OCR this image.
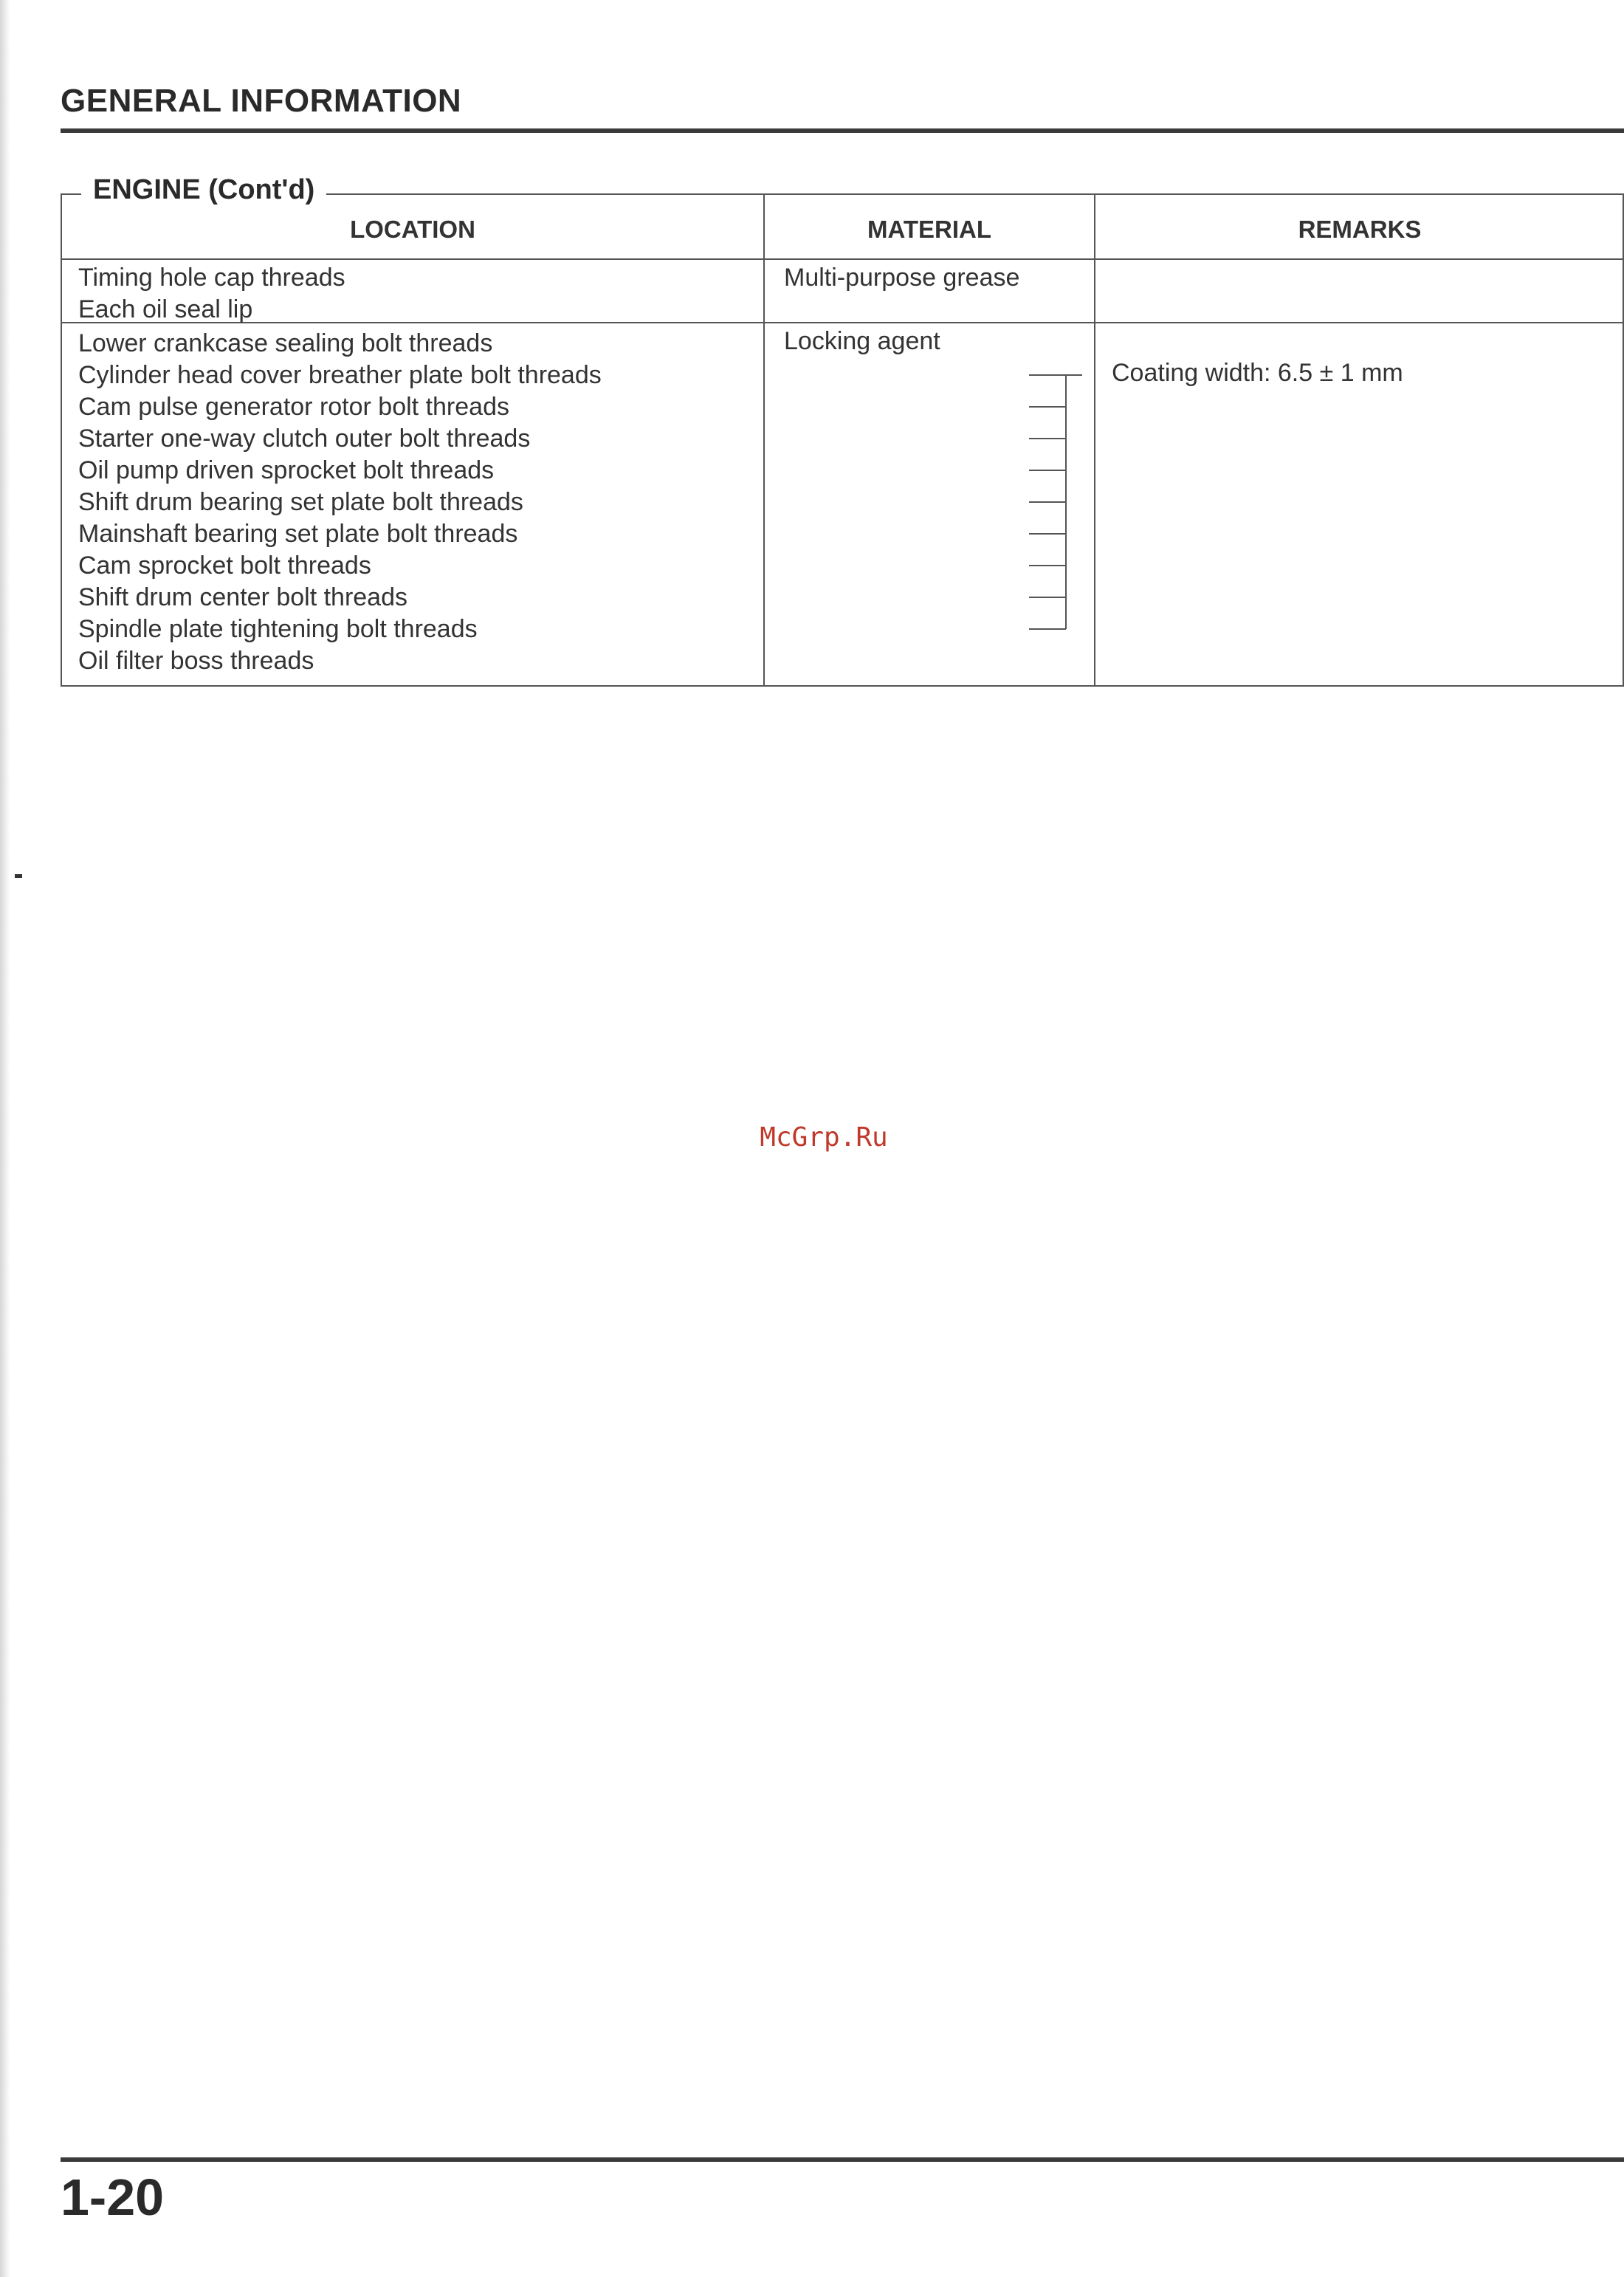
GENERAL INFORMATION
ENGINE (Cont'd)
LOCATION	MATERIAL	REMARKS
Timing hole cap threads
Each oil seal lip
Multi-purpose grease
Lower crankcase sealing bolt threads
Cylinder head cover breather plate bolt threads
Cam pulse generator rotor bolt threads
Starter one-way clutch outer bolt threads
Oil pump driven sprocket bolt threads
Shift drum bearing set plate bolt threads
Mainshaft bearing set plate bolt threads
Cam sprocket bolt threads
Shift drum center bolt threads
Spindle plate tightening bolt threads
Oil filter boss threads
Locking agent
Coating width: 6.5 ± 1 mm
McGrp.Ru
1-20
